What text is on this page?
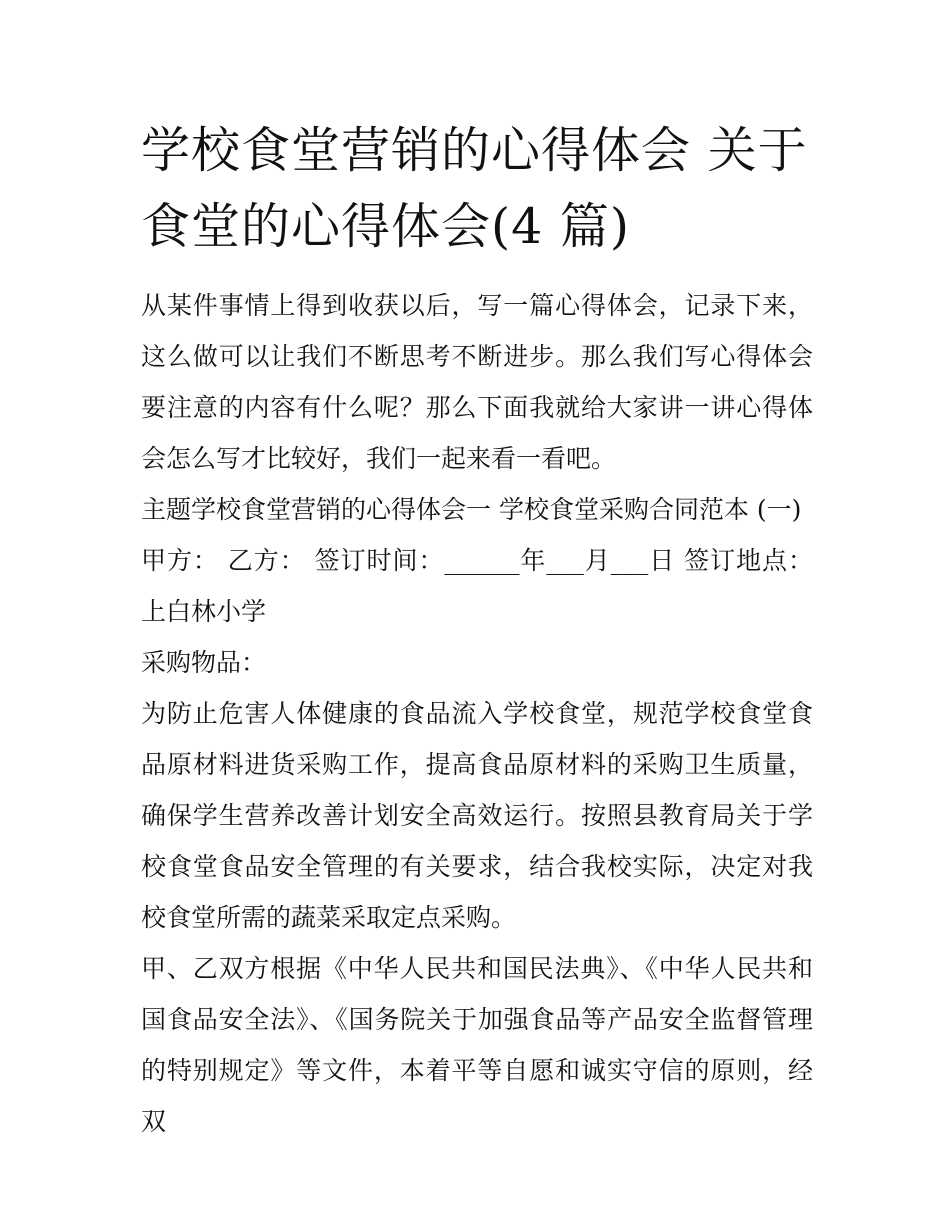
学校食堂营销的心得体会 关于
食堂的心得体会(4 篇)

从某件事情上得到收获以后，写一篇心得体会，记录下来，这么做可以让我们不断思考不断进步。那么我们写心得体会要注意的内容有什么呢？那么下面我就给大家讲一讲心得体会怎么写才比较好，我们一起来看一看吧。

主题学校食堂营销的心得体会一 学校食堂采购合同范本 (一)

甲方： 乙方： 签订时间：______年___月___日 签订地点：上白林小学

采购物品：

为防止危害人体健康的食品流入学校食堂，规范学校食堂食品原材料进货采购工作，提高食品原材料的采购卫生质量，确保学生营养改善计划安全高效运行。按照县教育局关于学校食堂食品安全管理的有关要求，结合我校实际，决定对我校食堂所需的蔬菜采取定点采购。

甲、乙双方根据《中华人民共和国民法典》、《中华人民共和国食品安全法》、《国务院关于加强食品等产品安全监督管理的特别规定》等文件，本着平等自愿和诚实守信的原则，经双
